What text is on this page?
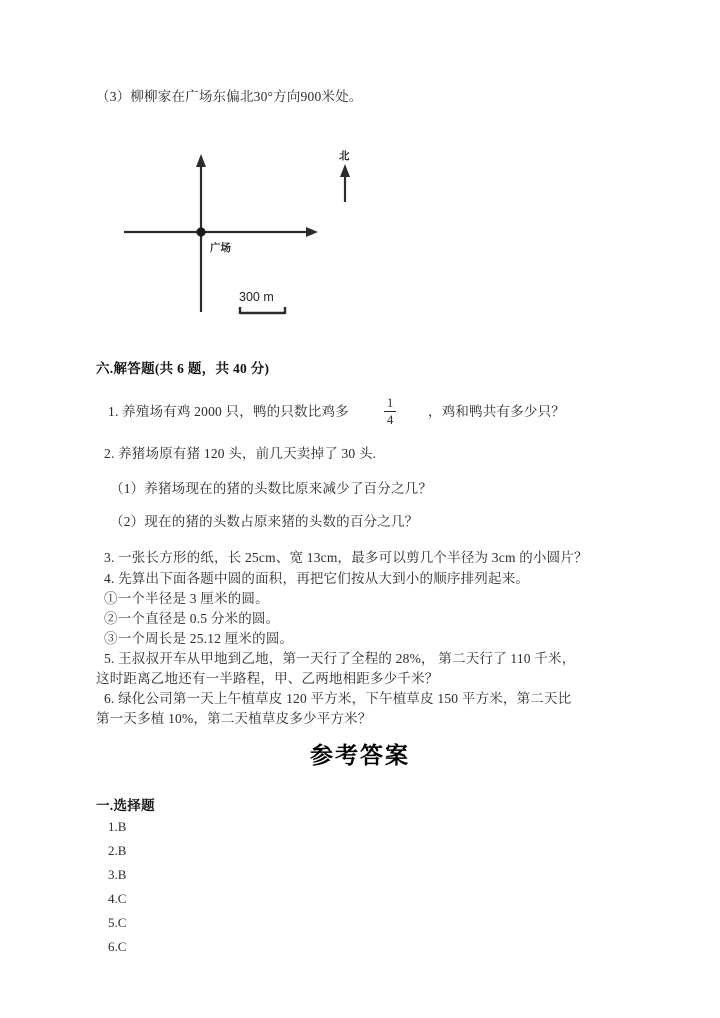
（3）柳柳家在广场东偏北30°方向900米处。
广场
北
300 m
六.解答题(共 6 题，共 40 分)
1. 养殖场有鸡 2000 只，鸭的只数比鸡多
1
4
，鸡和鸭共有多少只？
2. 养猪场原有猪 120 头，前几天卖掉了 30 头.
（1）养猪场现在的猪的头数比原来减少了百分之几？
（2）现在的猪的头数占原来猪的头数的百分之几？
3. 一张长方形的纸，长 25cm、宽 13cm，最多可以剪几个半径为 3cm 的小圆片？
4. 先算出下面各题中圆的面积，再把它们按从大到小的顺序排列起来。
①一个半径是 3 厘米的圆。
②一个直径是 0.5 分米的圆。
③一个周长是 25.12 厘米的圆。
5. 王叔叔开车从甲地到乙地，第一天行了全程的 28%， 第二天行了 110 千米，
这时距离乙地还有一半路程，甲、乙两地相距多少千米？
6. 绿化公司第一天上午植草皮 120 平方米，下午植草皮 150 平方米，第二天比
第一天多植 10%，第二天植草皮多少平方米？
参考答案
一.选择题
1.B
2.B
3.B
4.C
5.C
6.C
